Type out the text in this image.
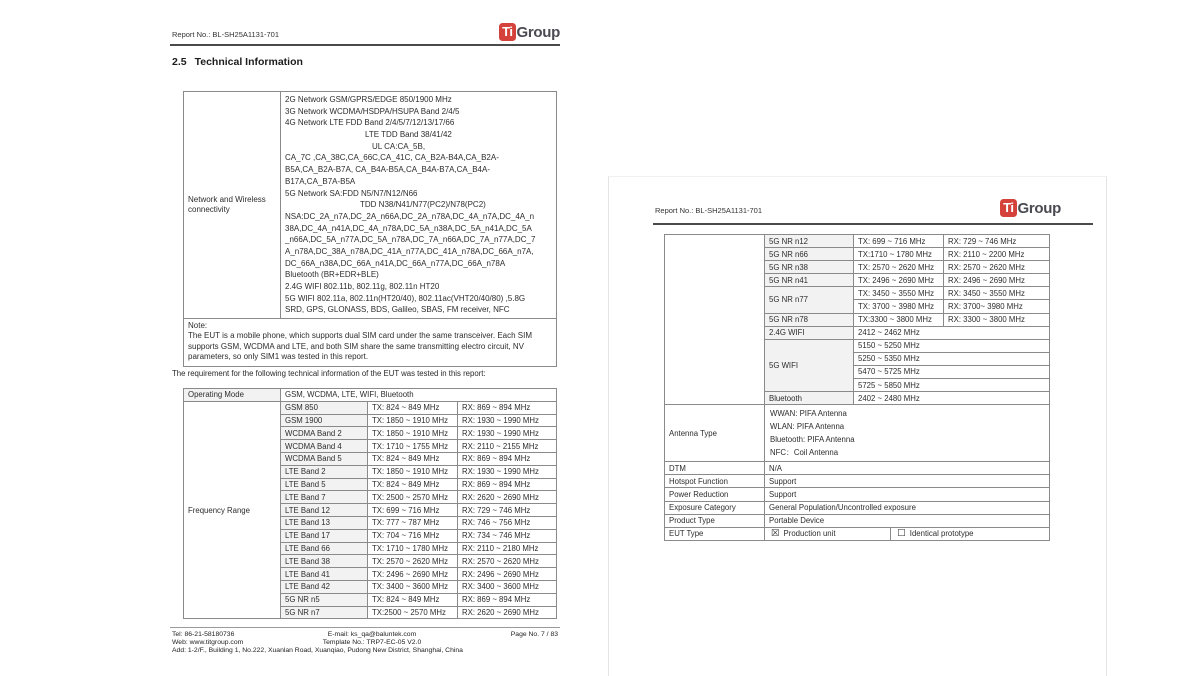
Report No.: BL-SH25A1131-701	Ti Group
2.5 Technical Information
Network and Wireless connectivity	
2G Network GSM/GPRS/EDGE 850/1900 MHz
3G Network WCDMA/HSDPA/HSUPA Band 2/4/5
4G Network LTE FDD Band 2/4/5/7/12/13/17/66
LTE TDD Band 38/41/42
UL CA:CA_5B,
CA_7C ,CA_38C,CA_66C,CA_41C, CA_B2A-B4A,CA_B2A-
B5A,CA_B2A-B7A, CA_B4A-B5A,CA_B4A-B7A,CA_B4A-
B17A,CA_B7A-B5A
5G Network SA:FDD N5/N7/N12/N66
TDD N38/N41/N77(PC2)/N78(PC2)
NSA:DC_2A_n7A,DC_2A_n66A,DC_2A_n78A,DC_4A_n7A,DC_4A_n
38A,DC_4A_n41A,DC_4A_n78A,DC_5A_n38A,DC_5A_n41A,DC_5A
_n66A,DC_5A_n77A,DC_5A_n78A,DC_7A_n66A,DC_7A_n77A,DC_7
A_n78A,DC_38A_n78A,DC_41A_n77A,DC_41A_n78A,DC_66A_n7A,
DC_66A_n38A,DC_66A_n41A,DC_66A_n77A,DC_66A_n78A
Bluetooth (BR+EDR+BLE)
2.4G WIFI 802.11b, 802.11g, 802.11n HT20
5G WIFI 802.11a, 802.11n(HT20/40), 802.11ac(VHT20/40/80) ,5.8G
SRD, GPS, GLONASS, BDS, Galileo, SBAS, FM receiver, NFC

Note:
The EUT is a mobile phone, which supports dual SIM card under the same transceiver. Each SIM supports GSM, WCDMA and LTE, and both SIM share the same transmitting electro circuit, NV parameters, so only SIM1 was tested in this report.
The requirement for the following technical information of the EUT was tested in this report:
Operating Mode	GSM, WCDMA, LTE, WIFI, Bluetooth		
Frequency Range	GSM 850	TX: 824 ~ 849 MHz	RX: 869 ~ 894 MHz
	GSM 1900	TX: 1850 ~ 1910 MHz	RX: 1930 ~ 1990 MHz
	WCDMA Band 2	TX: 1850 ~ 1910 MHz	RX: 1930 ~ 1990 MHz
	WCDMA Band 4	TX: 1710 ~ 1755 MHz	RX: 2110 ~ 2155 MHz
	WCDMA Band 5	TX: 824 ~ 849 MHz	RX: 869 ~ 894 MHz
	LTE Band 2	TX: 1850 ~ 1910 MHz	RX: 1930 ~ 1990 MHz
	LTE Band 5	TX: 824 ~ 849 MHz	RX: 869 ~ 894 MHz
	LTE Band 7	TX: 2500 ~ 2570 MHz	RX: 2620 ~ 2690 MHz
	LTE Band 12	TX: 699 ~ 716 MHz	RX: 729 ~ 746 MHz
	LTE Band 13	TX: 777 ~ 787 MHz	RX: 746 ~ 756 MHz
	LTE Band 17	TX: 704 ~ 716 MHz	RX: 734 ~ 746 MHz
	LTE Band 66	TX: 1710 ~ 1780 MHz	RX: 2110 ~ 2180 MHz
	LTE Band 38	TX: 2570 ~ 2620 MHz	RX: 2570 ~ 2620 MHz
	LTE Band 41	TX: 2496 ~ 2690 MHz	RX: 2496 ~ 2690 MHz
	LTE Band 42	TX: 3400 ~ 3600 MHz	RX: 3400 ~ 3600 MHz
	5G NR n5	TX: 824 ~ 849 MHz	RX: 869 ~ 894 MHz
	5G NR n7	TX:2500 ~ 2570 MHz	RX: 2620 ~ 2690 MHz
Tel: 86-21-58180736
Web: www.titgroup.com
Add: 1-2/F., Building 1, No.222, Xuanlan Road, Xuanqiao, Pudong New District, Shanghai, China
E-mail: ks_qa@baluntek.com
Template No.: TRP7-EC-05 V2.0
Page No. 7 / 83
Report No.: BL-SH25A1131-701	Ti Group
	5G NR n12	TX: 699 ~ 716 MHz	RX: 729 ~ 746 MHz
	5G NR n66	TX:1710 ~ 1780 MHz	RX: 2110 ~ 2200 MHz
	5G NR n38	TX: 2570 ~ 2620 MHz	RX: 2570 ~ 2620 MHz
	5G NR n41	TX: 2496 ~ 2690 MHz	RX: 2496 ~ 2690 MHz
	5G NR n77	TX: 3450 ~ 3550 MHz	RX: 3450 ~ 3550 MHz
		TX: 3700 ~ 3980 MHz	RX: 3700~ 3980 MHz
	5G NR n78	TX:3300 ~ 3800 MHz	RX: 3300 ~ 3800 MHz
	2.4G WIFI	2412 ~ 2462 MHz	
	5G WIFI	5150 ~ 5250 MHz	
		5250 ~ 5350 MHz	
		5470 ~ 5725 MHz	
		5725 ~ 5850 MHz	
	Bluetooth	2402 ~ 2480 MHz	
Antenna Type	WWAN: PIFA Antenna
WLAN: PIFA Antenna
Bluetooth: PIFA Antenna
NFC：Coil Antenna		

DTM	N/A		
Hotspot Function	Support		
Power Reduction	Support		
Exposure Category	General Population/Uncontrolled exposure		
Product Type	Portable Device		
EUT Type	☒ Production unit ☐ Identical prototype		
